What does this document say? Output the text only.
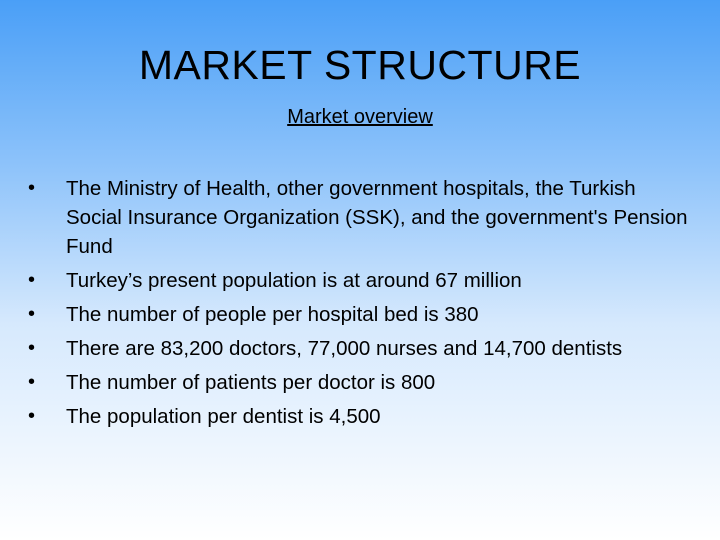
MARKET STRUCTURE
Market overview
•	The Ministry of Health, other government hospitals, the Turkish Social Insurance Organization (SSK), and the government's Pension Fund
•	Turkey’s present population is at around 67 million
•	The number of people per hospital bed is 380
•	There are 83,200 doctors, 77,000 nurses and 14,700 dentists
•	The number of patients per doctor is 800
•	The population per dentist is 4,500
